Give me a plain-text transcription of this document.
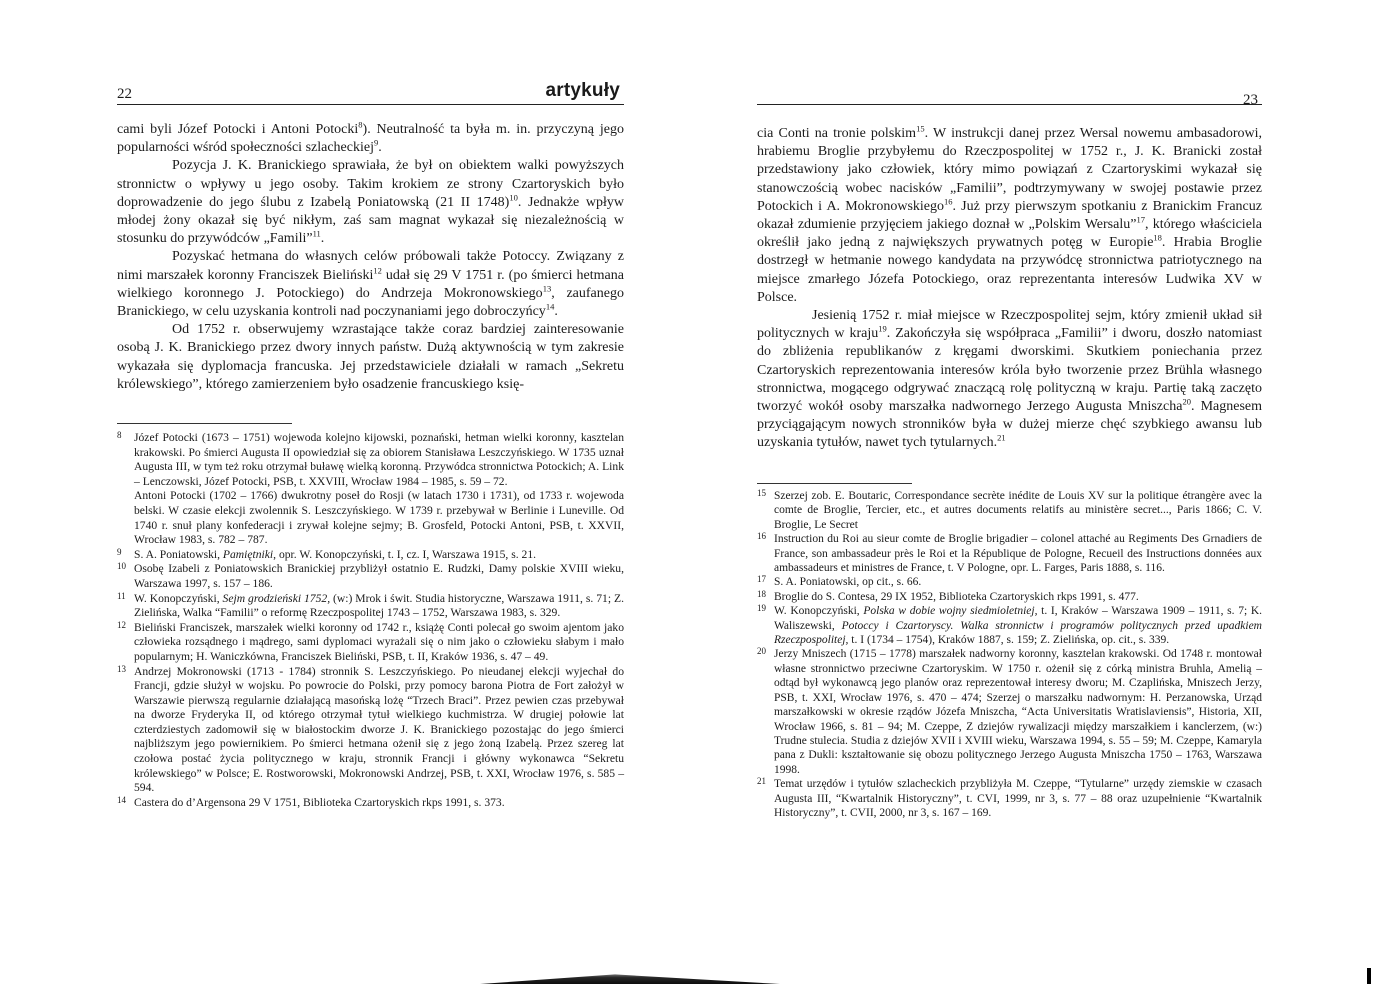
22	artykuły

cami byli Józef Potocki i Antoni Potocki$^8$). Neutralność ta była m. in. przyczyną jego popularności wśród społeczności szlacheckiej$^9$.

Pozycja J. K. Branickiego sprawiała, że był on obiektem walki powyższych stronnictw o wpływy u jego osoby. Takim krokiem ze strony Czartoryskich było doprowadzenie do jego ślubu z Izabelą Poniatowską (21 II 1748)$^{10}$. Jednakże wpływ młodej żony okazał się być nikłym, zaś sam magnat wykazał się niezależnością w stosunku do przywódców „Famili”$^{11}$.

Pozyskać hetmana do własnych celów próbowali także Potoccy. Związany z nimi marszałek koronny Franciszek Bieliński$^{12}$ udał się 29 V 1751 r. (po śmierci hetmana wielkiego koronnego J. Potockiego) do Andrzeja Mokronowskiego$^{13}$, zaufanego Branickiego, w celu uzyskania kontroli nad poczynaniami jego dobroczyńcy$^{14}$.

Od 1752 r. obserwujemy wzrastające także coraz bardziej zainteresowanie osobą J. K. Branickiego przez dwory innych państw. Dużą aktywnością w tym zakresie wykazała się dyplomacja francuska. Jej przedstawiciele działali w ramach „Sekretu królewskiego”, którego zamierzeniem było osadzenie francuskiego księ-

8 Józef Potocki (1673 – 1751) wojewoda kolejno kijowski, poznański, hetman wielki koronny, kasztelan krakowski. Po śmierci Augusta II opowiedział się za obiorem Stanisława Leszczyńskiego. W 1735 uznał Augusta III, w tym też roku otrzymał buławę wielką koronną. Przywódca stronnictwa Potockich; A. Link – Lenczowski, Józef Potocki, PSB, t. XXVIII, Wrocław 1984 – 1985, s. 59 – 72.
Antoni Potocki (1702 – 1766) dwukrotny poseł do Rosji (w latach 1730 i 1731), od 1733 r. wojewoda belski. W czasie elekcji zwolennik S. Leszczyńskiego. W 1739 r. przebywał w Berlinie i Luneville. Od 1740 r. snuł plany konfederacji i zrywał kolejne sejmy; B. Grosfeld, Potocki Antoni, PSB, t. XXVII, Wrocław 1983, s. 782 – 787.
9 S. A. Poniatowski, Pamiętniki, opr. W. Konopczyński, t. I, cz. I, Warszawa 1915, s. 21.
10 Osobę Izabeli z Poniatowskich Branickiej przybliżył ostatnio E. Rudzki, Damy polskie XVIII wieku, Warszawa 1997, s. 157 – 186.
11 W. Konopczyński, Sejm grodzieński 1752, (w:) Mrok i świt. Studia historyczne, Warszawa 1911, s. 71; Z. Zielińska, Walka “Familii” o reformę Rzeczpospolitej 1743 – 1752, Warszawa 1983, s. 329.
12 Bieliński Franciszek, marszałek wielki koronny od 1742 r., książę Conti polecał go swoim ajentom jako człowieka rozsądnego i mądrego, sami dyplomaci wyrażali się o nim jako o człowieku słabym i mało popularnym; H. Waniczkówna, Franciszek Bieliński, PSB, t. II, Kraków 1936, s. 47 – 49.
13 Andrzej Mokronowski (1713 - 1784) stronnik S. Leszczyńskiego. Po nieudanej elekcji wyjechał do Francji, gdzie służył w wojsku. Po powrocie do Polski, przy pomocy barona Piotra de Fort założył w Warszawie pierwszą regularnie działającą masońską lożę “Trzech Braci”. Przez pewien czas przebywał na dworze Fryderyka II, od którego otrzymał tytuł wielkiego kuchmistrza. W drugiej połowie lat czterdziestych zadomowił się w białostockim dworze J. K. Branickiego pozostając do jego śmierci najbliższym jego powiernikiem. Po śmierci hetmana ożenił się z jego żoną Izabelą. Przez szereg lat czołowa postać życia politycznego w kraju, stronnik Francji i główny wykonawca “Sekretu królewskiego” w Polsce; E. Rostworowski, Mokronowski Andrzej, PSB, t. XXI, Wrocław 1976, s. 585 – 594.
14 Castera do d’Argensona 29 V 1751, Biblioteka Czartoryskich rkps 1991, s. 373.
23

cia Conti na tronie polskim$^{15}$. W instrukcji danej przez Wersal nowemu ambasadorowi, hrabiemu Broglie przybyłemu do Rzeczpospolitej w 1752 r., J. K. Branicki został przedstawiony jako człowiek, który mimo powiązań z Czartoryskimi wykazał się stanowczością wobec nacisków „Familii”, podtrzymywany w swojej postawie przez Potockich i A. Mokronowskiego$^{16}$. Już przy pierwszym spotkaniu z Branickim Francuz okazał zdumienie przyjęciem jakiego doznał w „Polskim Wersalu”$^{17}$, którego właściciela określił jako jedną z największych prywatnych potęg w Europie$^{18}$. Hrabia Broglie dostrzegł w hetmanie nowego kandydata na przywódcę stronnictwa patriotycznego na miejsce zmarłego Józefa Potockiego, oraz reprezentanta interesów Ludwika XV w Polsce.

Jesienią 1752 r. miał miejsce w Rzeczpospolitej sejm, który zmienił układ sił politycznych w kraju$^{19}$. Zakończyła się współpraca „Familii” i dworu, doszło natomiast do zbliżenia republikanów z kręgami dworskimi. Skutkiem poniechania przez Czartoryskich reprezentowania interesów króla było tworzenie przez Brühla własnego stronnictwa, mogącego odgrywać znaczącą rolę polityczną w kraju. Partię taką zaczęto tworzyć wokół osoby marszałka nadwornego Jerzego Augusta Mniszcha$^{20}$. Magnesem przyciągającym nowych stronników była w dużej mierze chęć szybkiego awansu lub uzyskania tytułów, nawet tych tytularnych.$^{21}$

15 Szerzej zob. E. Boutaric, Correspondance secrète inédite de Louis XV sur la politique étrangère avec la comte de Broglie, Tercier, etc., et autres documents relatifs au ministère secret..., Paris 1866; C. V. Broglie, Le Secret
16 Instruction du Roi au sieur comte de Broglie brigadier – colonel attaché au Regiments Des Grnadiers de France, son ambassadeur près le Roi et la République de Pologne, Recueil des Instructions données aux ambassadeurs et ministres de France, t. V Pologne, opr. L. Farges, Paris 1888, s. 116.
17 S. A. Poniatowski, op cit., s. 66.
18 Broglie do S. Contesa, 29 IX 1952, Biblioteka Czartoryskich rkps 1991, s. 477.
19 W. Konopczyński, Polska w dobie wojny siedmioletniej, t. I, Kraków – Warszawa 1909 – 1911, s. 7; K. Waliszewski, Potoccy i Czartoryscy. Walka stronnictw i programów politycznych przed upadkiem Rzeczpospolitej, t. I (1734 – 1754), Kraków 1887, s. 159; Z. Zielińska, op. cit., s. 339.
20 Jerzy Mniszech (1715 – 1778) marszałek nadworny koronny, kasztelan krakowski. Od 1748 r. montował własne stronnictwo przeciwne Czartoryskim. W 1750 r. ożenił się z córką ministra Bruhla, Amelią – odtąd był wykonawcą jego planów oraz reprezentował interesy dworu; M. Czaplińska, Mniszech Jerzy, PSB, t. XXI, Wrocław 1976, s. 470 – 474; Szerzej o marszałku nadwornym: H. Perzanowska, Urząd marszałkowski w okresie rządów Józefa Mniszcha, “Acta Universitatis Wratislaviensis”, Historia, XII, Wrocław 1966, s. 81 – 94; M. Czeppe, Z dziejów rywalizacji między marszałkiem i kanclerzem, (w:) Trudne stulecia. Studia z dziejów XVII i XVIII wieku, Warszawa 1994, s. 55 – 59; M. Czeppe, Kamaryla pana z Dukli: kształtowanie się obozu politycznego Jerzego Augusta Mniszcha 1750 – 1763, Warszawa 1998.
21 Temat urzędów i tytułów szlacheckich przybliżyła M. Czeppe, “Tytularne” urzędy ziemskie w czasach Augusta III, “Kwartalnik Historyczny”, t. CVI, 1999, nr 3, s. 77 – 88 oraz uzupełnienie “Kwartalnik Historyczny”, t. CVII, 2000, nr 3, s. 167 – 169.
